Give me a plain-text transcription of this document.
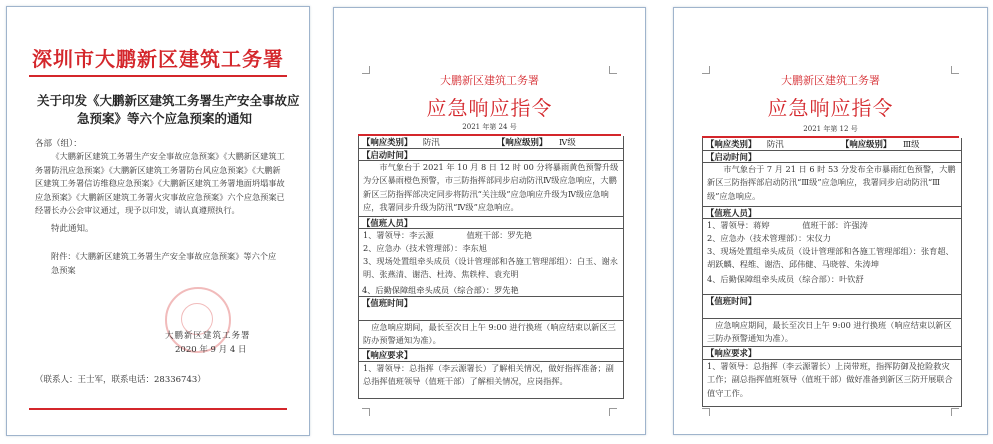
深圳市大鹏新区建筑工务署
关于印发《大鹏新区建筑工务署生产安全事故应
急预案》等六个应急预案的通知
各部（组）：
《大鹏新区建筑工务署生产安全事故应急预案》《大鹏新区建筑工务署防汛应急预案》《大鹏新区建筑工务署防台风应急预案》《大鹏新区建筑工务署信访维稳应急预案》《大鹏新区建筑工务署地面坍塌事故应急预案》《大鹏新区建筑工务署火灾事故应急预案》六个应急预案已经署长办公会审议通过，现予以印发，请认真遵照执行。
特此通知。
附件：《大鹏新区建筑工务署生产安全事故应急预案》等六个应急预案
大鹏新区建筑工务署
2020 年 9 月 4 日
（联系人：王士军，联系电话：28336743）
大鹏新区建筑工务署
应急响应指令
2021 年第 24 号
【响应类别】 防汛	【响应级别】 Ⅳ级
【启动时间】
市气象台于 2021 年 10 月 8 日 12 时 00 分将暴雨黄色预警升级为分区暴雨橙色预警，市三防指挥部同步启动防汛Ⅳ级应急响应，大鹏新区三防指挥部决定同步将防汛“关注级”应急响应升级为Ⅳ级应急响应，我署同步升级为防汛“Ⅳ级”应急响应。
【值班人员】
1、署领导：李云源　　　　值班干部：罗先艳
2、应急办（技术管理部）：李东旭
3、现场处置组牵头成员（设计管理部和各施工管理部组）：白玉、谢永明、张燕清、谢浩、杜涛、焦轶梓、袁充明
4、后勤保障组牵头成员（综合部）：罗先艳
【值班时间】
应急响应期间，最长至次日上午 9:00 进行换班（响应结束以新区三防办预警通知为准）。
【响应要求】
1、署领导：总指挥（李云源署长）了解相关情况，做好指挥准备；副总指挥值班领导（值班干部）了解相关情况，应岗指挥。
大鹏新区建筑工务署
应急响应指令
2021 年第 12 号
【响应类别】 防汛	【响应级别】 Ⅲ级
【启动时间】
市气象台于 7 月 21 日 6 时 53 分发布全市暴雨红色预警，大鹏新区三防指挥部启动防汛“Ⅲ级”应急响应，我署同步启动防汛“Ⅲ级”应急响应。
【值班人员】
1、署领导：蒋婷　　　　值班干部：许强涛
2、应急办（技术管理部）：宋仪力
3、现场处置组牵头成员（设计管理部和各施工管理部组）：张育超、胡跃麟、程维、谢浩、邱伟健、马晓蓉、朱涛坤
4、后勤保障组牵头成员（综合部）：叶钦舒
【值班时间】
应急响应期间，最长至次日上午 9:00 进行换班（响应结束以新区三防办预警通知为准）。
【响应要求】
1、署领导：总指挥（李云源署长）上岗带班，指挥防御及抢险救灾工作；副总指挥值班领导（值班干部）做好准备到新区三防开展联合值守工作。
